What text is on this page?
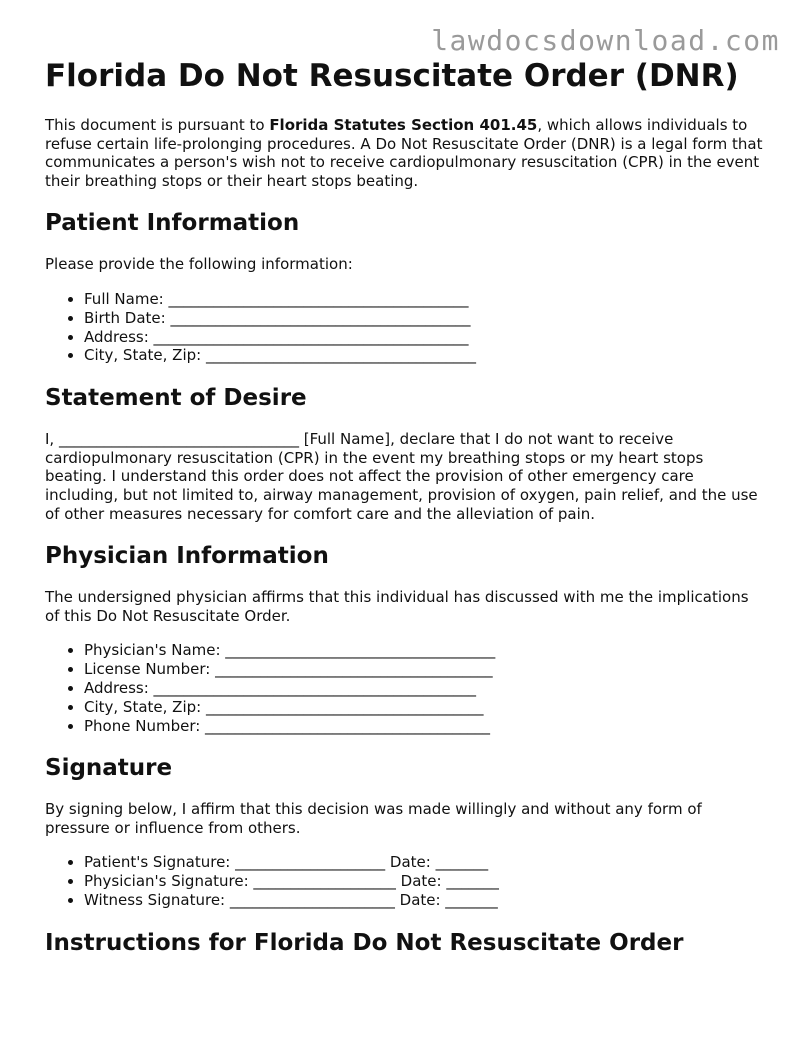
lawdocsdownload.com
Florida Do Not Resuscitate Order (DNR)

This document is pursuant to Florida Statutes Section 401.45, which allows individuals to refuse certain life-prolonging procedures. A Do Not Resuscitate Order (DNR) is a legal form that communicates a person's wish not to receive cardiopulmonary resuscitation (CPR) in the event their breathing stops or their heart stops beating.

Patient Information

Please provide the following information:

• Full Name: ________________________________________
• Birth Date: ________________________________________
• Address: __________________________________________
• City, State, Zip: ____________________________________
Statement of Desire

I, ________________________________ [Full Name], declare that I do not want to receive cardiopulmonary resuscitation (CPR) in the event my breathing stops or my heart stops beating. I understand this order does not affect the provision of other emergency care including, but not limited to, airway management, provision of oxygen, pain relief, and the use of other measures necessary for comfort care and the alleviation of pain.

Physician Information

The undersigned physician affirms that this individual has discussed with me the implications of this Do Not Resuscitate Order.

• Physician's Name: ____________________________________
• License Number: _____________________________________
• Address: ___________________________________________
• City, State, Zip: _____________________________________
• Phone Number: ______________________________________
Signature

By signing below, I affirm that this decision was made willingly and without any form of pressure or influence from others.

• Patient's Signature: ____________________ Date: _______
• Physician's Signature: ___________________ Date: _______
• Witness Signature: ______________________ Date: _______
Instructions for Florida Do Not Resuscitate Order
